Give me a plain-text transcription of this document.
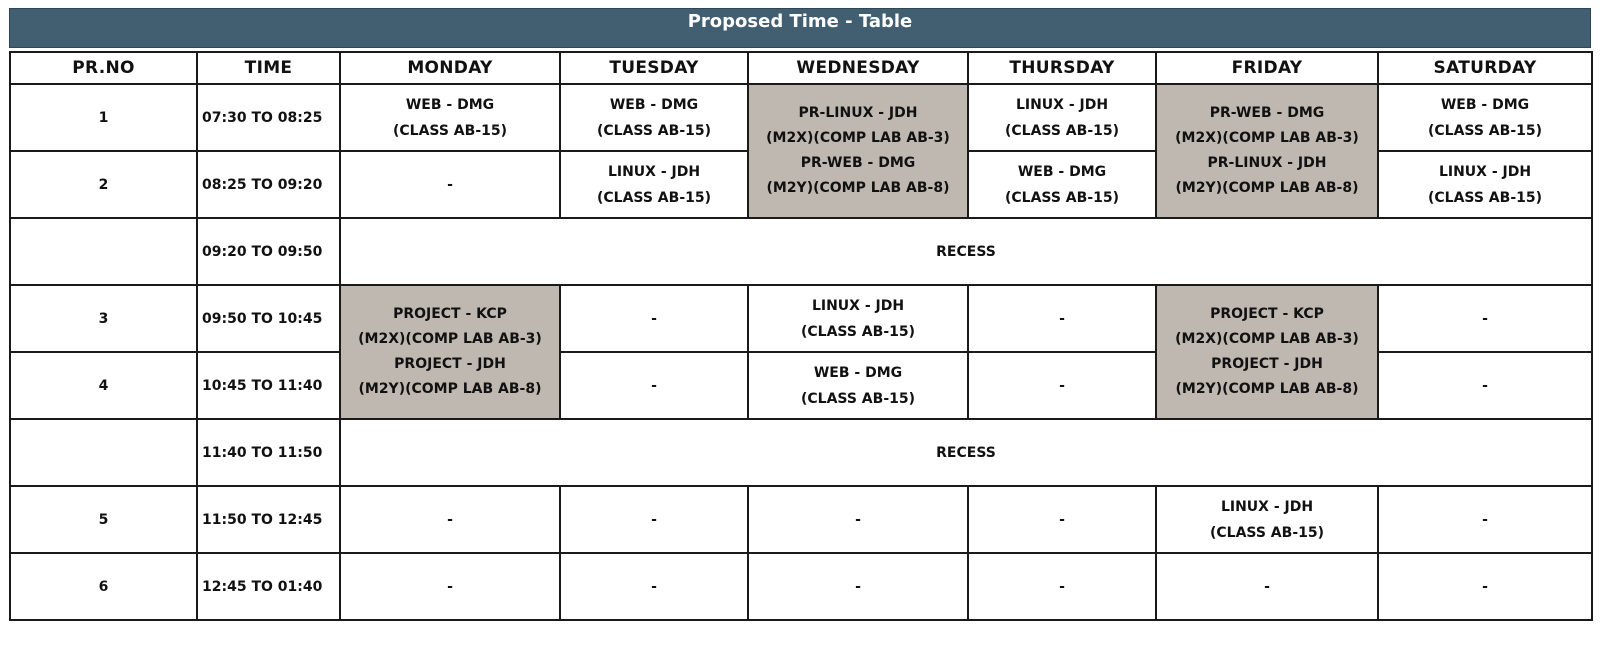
Proposed Time - Table
PR.NO	TIME	MONDAY	TUESDAY	WEDNESDAY	THURSDAY	FRIDAY	SATURDAY
1	07:30 TO 08:25	WEB - DMG
(CLASS AB-15)	WEB - DMG
(CLASS AB-15)	PR-LINUX - JDH
(M2X)(COMP LAB AB-3)
PR-WEB - DMG
(M2Y)(COMP LAB AB-8)	LINUX - JDH
(CLASS AB-15)	PR-WEB - DMG
(M2X)(COMP LAB AB-3)
PR-LINUX - JDH
(M2Y)(COMP LAB AB-8)	WEB - DMG
(CLASS AB-15)

2	08:25 TO 09:20	-	LINUX - JDH
(CLASS AB-15)		WEB - DMG
(CLASS AB-15)		LINUX - JDH
(CLASS AB-15)

	09:20 TO 09:50	RECESS					
3	09:50 TO 10:45	PROJECT - KCP
(M2X)(COMP LAB AB-3)
PROJECT - JDH
(M2Y)(COMP LAB AB-8)	-	LINUX - JDH
(CLASS AB-15)	-	PROJECT - KCP
(M2X)(COMP LAB AB-3)
PROJECT - JDH
(M2Y)(COMP LAB AB-8)	-
4	10:45 TO 11:40		-	WEB - DMG
(CLASS AB-15)	-		-
	11:40 TO 11:50	RECESS					
5	11:50 TO 12:45	-	-	-	-	LINUX - JDH
(CLASS AB-15)	-
6	12:45 TO 01:40	-	-	-	-	-	-
